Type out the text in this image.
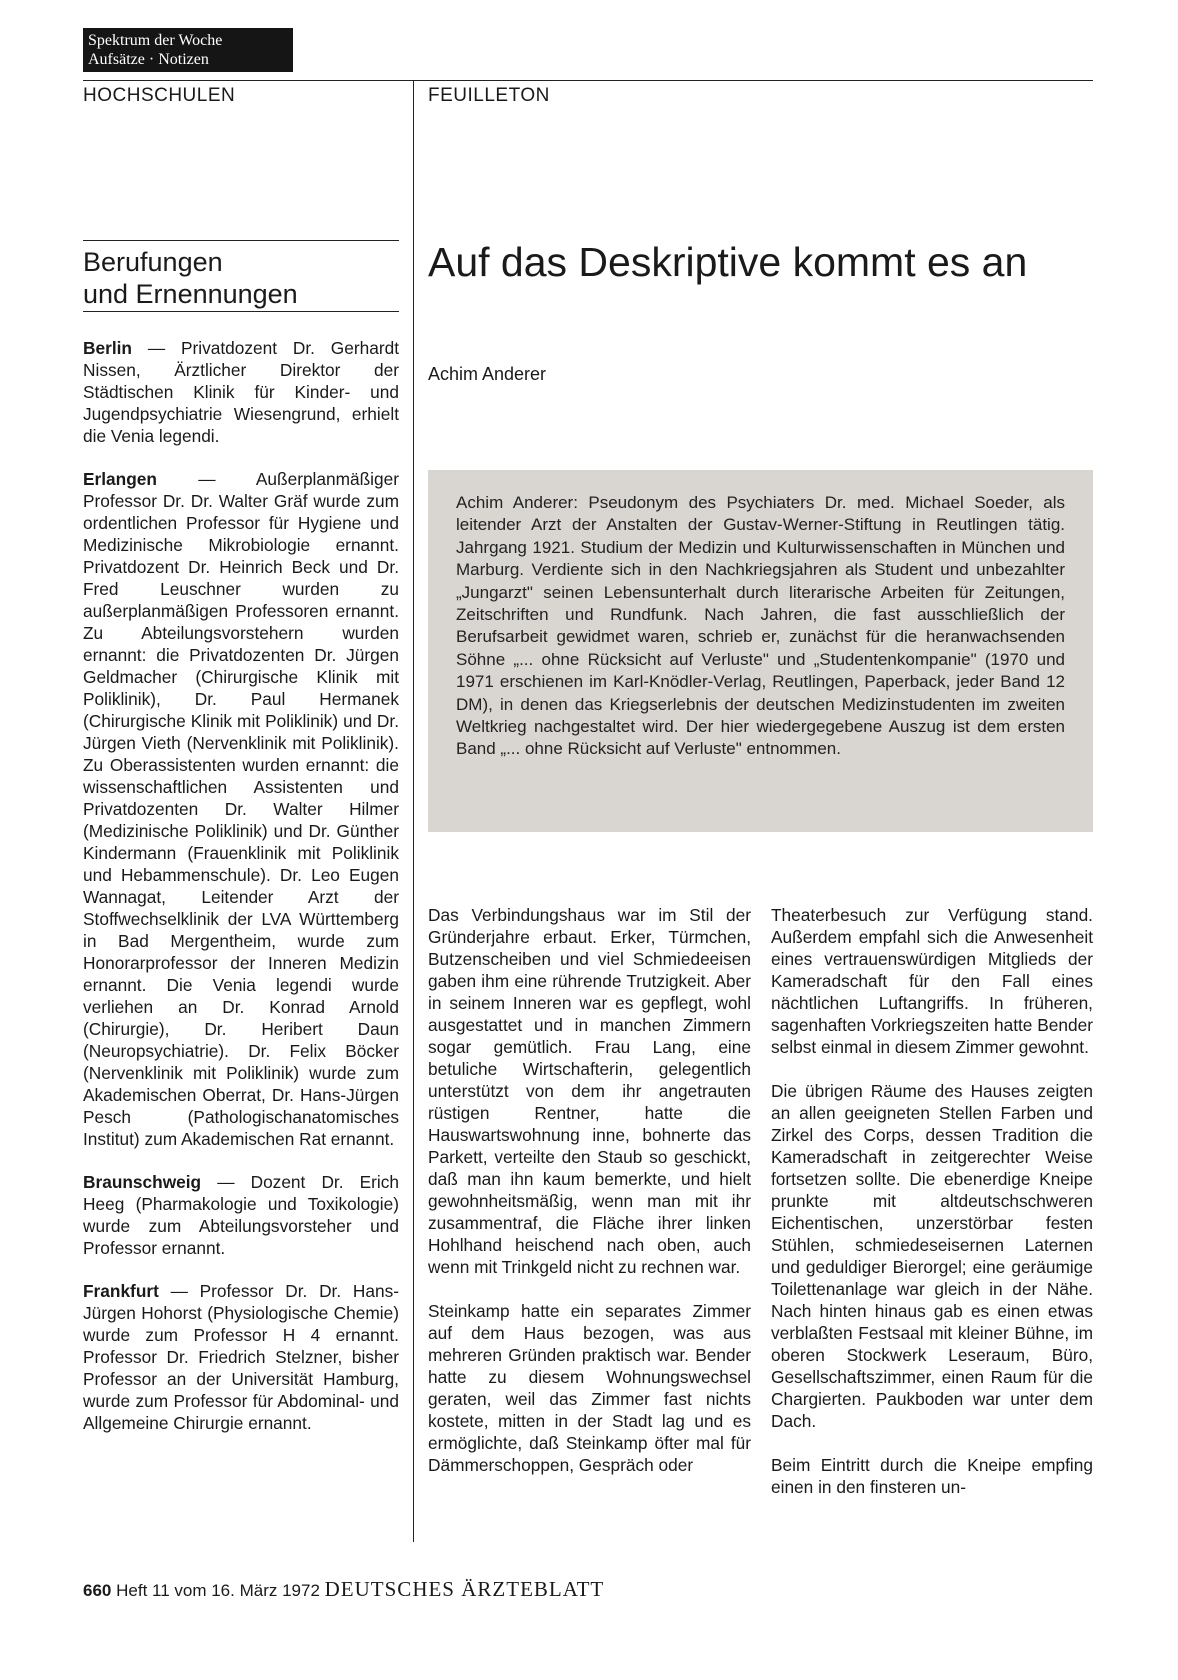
Spektrum der Woche
Aufsätze · Notizen
HOCHSCHULEN	FEUILLETON
Berufungen
und Ernennungen

Berlin — Privatdozent Dr. Gerhardt Nissen, Ärztlicher Direktor der Städtischen Klinik für Kinder- und Jugendpsychiatrie Wiesengrund, erhielt die Venia legendi.

Erlangen — Außerplanmäßiger Professor Dr. Dr. Walter Gräf wurde zum ordentlichen Professor für Hygiene und Medizinische Mikrobiologie ernannt. Privatdozent Dr. Heinrich Beck und Dr. Fred Leuschner wurden zu außerplanmäßigen Professoren ernannt. Zu Abteilungsvorstehern wurden ernannt: die Privatdozenten Dr. Jürgen Geldmacher (Chirurgische Klinik mit Poliklinik), Dr. Paul Hermanek (Chirurgische Klinik mit Poliklinik) und Dr. Jürgen Vieth (Nervenklinik mit Poliklinik). Zu Oberassistenten wurden ernannt: die wissenschaftlichen Assistenten und Privatdozenten Dr. Walter Hilmer (Medizinische Poliklinik) und Dr. Günther Kindermann (Frauenklinik mit Poliklinik und Hebammenschule). Dr. Leo Eugen Wannagat, Leitender Arzt der Stoffwechselklinik der LVA Württemberg in Bad Mergentheim, wurde zum Honorarprofessor der Inneren Medizin ernannt. Die Venia legendi wurde verliehen an Dr. Konrad Arnold (Chirurgie), Dr. Heribert Daun (Neuropsychiatrie). Dr. Felix Böcker (Nervenklinik mit Poliklinik) wurde zum Akademischen Oberrat, Dr. Hans-Jürgen Pesch (Pathologischanatomisches Institut) zum Akademischen Rat ernannt.

Braunschweig — Dozent Dr. Erich Heeg (Pharmakologie und Toxikologie) wurde zum Abteilungsvorsteher und Professor ernannt.

Frankfurt — Professor Dr. Dr. Hans-Jürgen Hohorst (Physiologische Chemie) wurde zum Professor H 4 ernannt. Professor Dr. Friedrich Stelzner, bisher Professor an der Universität Hamburg, wurde zum Professor für Abdominal- und Allgemeine Chirurgie ernannt.

Auf das Deskriptive kommt es an
Achim Anderer
Achim Anderer: Pseudonym des Psychiaters Dr. med. Michael Soeder, als leitender Arzt der Anstalten der Gustav-Werner-Stiftung in Reutlingen tätig. Jahrgang 1921. Studium der Medizin und Kulturwissenschaften in München und Marburg. Verdiente sich in den Nachkriegsjahren als Student und unbezahlter „Jungarzt" seinen Lebensunterhalt durch literarische Arbeiten für Zeitungen, Zeitschriften und Rundfunk. Nach Jahren, die fast ausschließlich der Berufsarbeit gewidmet waren, schrieb er, zunächst für die heranwachsenden Söhne „... ohne Rücksicht auf Verluste" und „Studentenkompanie" (1970 und 1971 erschienen im Karl-Knödler-Verlag, Reutlingen, Paperback, jeder Band 12 DM), in denen das Kriegserlebnis der deutschen Medizinstudenten im zweiten Weltkrieg nachgestaltet wird. Der hier wiedergegebene Auszug ist dem ersten Band „... ohne Rücksicht auf Verluste" entnommen.

Das Verbindungshaus war im Stil der Gründerjahre erbaut. Erker, Türmchen, Butzenscheiben und viel Schmiedeeisen gaben ihm eine rührende Trutzigkeit. Aber in seinem Inneren war es gepflegt, wohl ausgestattet und in manchen Zimmern sogar gemütlich. Frau Lang, eine betuliche Wirtschafterin, gelegentlich unterstützt von dem ihr angetrauten rüstigen Rentner, hatte die Hauswartswohnung inne, bohnerte das Parkett, verteilte den Staub so geschickt, daß man ihn kaum bemerkte, und hielt gewohnheitsmäßig, wenn man mit ihr zusammentraf, die Fläche ihrer linken Hohlhand heischend nach oben, auch wenn mit Trinkgeld nicht zu rechnen war.

Steinkamp hatte ein separates Zimmer auf dem Haus bezogen, was aus mehreren Gründen praktisch war. Bender hatte zu diesem Wohnungswechsel geraten, weil das Zimmer fast nichts kostete, mitten in der Stadt lag und es ermöglichte, daß Steinkamp öfter mal für Dämmerschoppen, Gespräch oder

Theaterbesuch zur Verfügung stand. Außerdem empfahl sich die Anwesenheit eines vertrauenswürdigen Mitglieds der Kameradschaft für den Fall eines nächtlichen Luftangriffs. In früheren, sagenhaften Vorkriegszeiten hatte Bender selbst einmal in diesem Zimmer gewohnt.

Die übrigen Räume des Hauses zeigten an allen geeigneten Stellen Farben und Zirkel des Corps, dessen Tradition die Kameradschaft in zeitgerechter Weise fortsetzen sollte. Die ebenerdige Kneipe prunkte mit altdeutschschweren Eichentischen, unzerstörbar festen Stühlen, schmiedeseisernen Laternen und geduldiger Bierorgel; eine geräumige Toilettenanlage war gleich in der Nähe. Nach hinten hinaus gab es einen etwas verblaßten Festsaal mit kleiner Bühne, im oberen Stockwerk Leseraum, Büro, Gesellschaftszimmer, einen Raum für die Chargierten. Paukboden war unter dem Dach.

Beim Eintritt durch die Kneipe empfing einen in den finsteren un-

660 Heft 11 vom 16. März 1972 DEUTSCHES ÄRZTEBLATT
